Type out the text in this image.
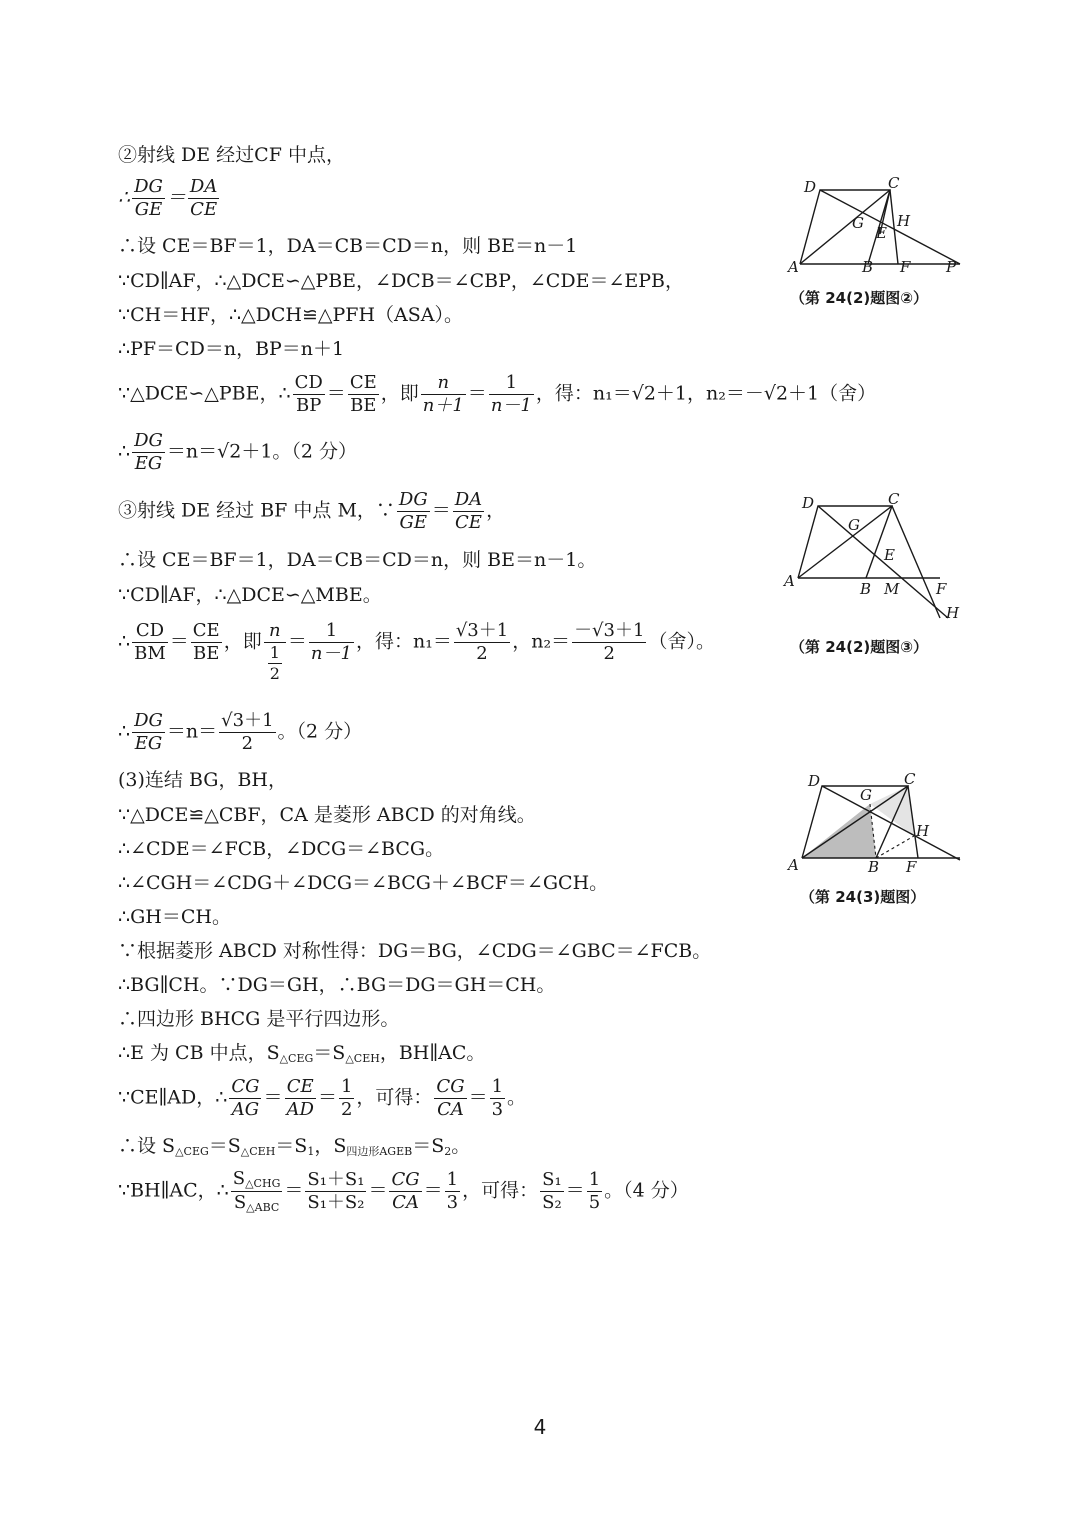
②射线 DE 经过CF 中点，
∴ $\frac{DG}{GE} = \frac{DA}{CE}$
∴设 CE＝BF＝1，DA＝CB＝CD＝n，则 BE＝n－1
∵CD∥AF，∴△DCE∽△PBE，∠DCB＝∠CBP，∠CDE＝∠EPB，
∵CH＝HF，∴△DCH≌△PFH（ASA）。
∴PF＝CD＝n，BP＝n＋1
∵△DCE∽△PBE，∴ $\frac{CD}{BP} = \frac{CE}{BE}$ ，即 $\frac{n}{n+1} = \frac{1}{n-1}$ ，得：n₁＝√2＋1，n₂＝－√2＋1（舍）
∴ $\frac{DG}{EG} =n=√2+1$。（2 分）
③射线 DE 经过 BF 中点 M，∵ $\frac{DG}{GE} = \frac{DA}{CE}$ ，
∴设 CE＝BF＝1，DA＝CB＝CD＝n，则 BE＝n－1。
∵CD∥AF，∴△DCE∽△MBE。
∴ $\frac{CD}{BM} = \frac{CE}{BE}$ ，即 $\frac{n}{\frac{1}{2}} = \frac{1}{n-1}$ ，得：$n_1= \frac{√3+1}{2}$ ，$n_2= \frac{-√3+1}{2}$ （舍）。
∴ $\frac{DG}{EG} =n= \frac{√3+1}{2}$ 。（2 分）
(3)连结 BG，BH，
∵△DCE≌△CBF，CA 是菱形 ABCD 的对角线。
∴∠CDE＝∠FCB，∠DCG＝∠BCG。
∴∠CGH＝∠CDG＋∠DCG＝∠BCG＋∠BCF＝∠GCH。
∴GH＝CH。
∵根据菱形 ABCD 对称性得：DG＝BG，∠CDG＝∠GBC＝∠FCB。
∴BG∥CH。∵DG＝GH，∴BG＝DG＝GH＝CH。
∴四边形 BHCG 是平行四边形。
∴E 为 CB 中点，$S_{\triangle CEG}=S_{\triangle CEH}$，BH∥AC。
∵CE∥AD，∴ $\frac{CG}{AG} = \frac{CE}{AD} = \frac{1}{2}$ ，可得： $\frac{CG}{CA} = \frac{1}{3}$ 。
∴设 $S_{\triangle CEG}=S_{\triangle CEH}=S_1$，$S_{四边形AGEB}=S_2$。
∵BH∥AC，∴ $\frac{S_{\triangle CHG}}{S_{\triangle ABC}} = \frac{\text{S₁＋S₁}}{\text{S₁＋S₂}} = \frac{CG}{CA} = \frac{1}{3}$ ，可得： $\frac{\text{S₁}}{\text{S₂}} = \frac{1}{5}$ 。（4 分）
D	C
G H
E
A	B F P
（第 24(2)题图②）
D	C
G
E
A	B M F
H
（第 24(2)题图③）
D	C
G
H
A	B F
（第 24(3)题图）
4
